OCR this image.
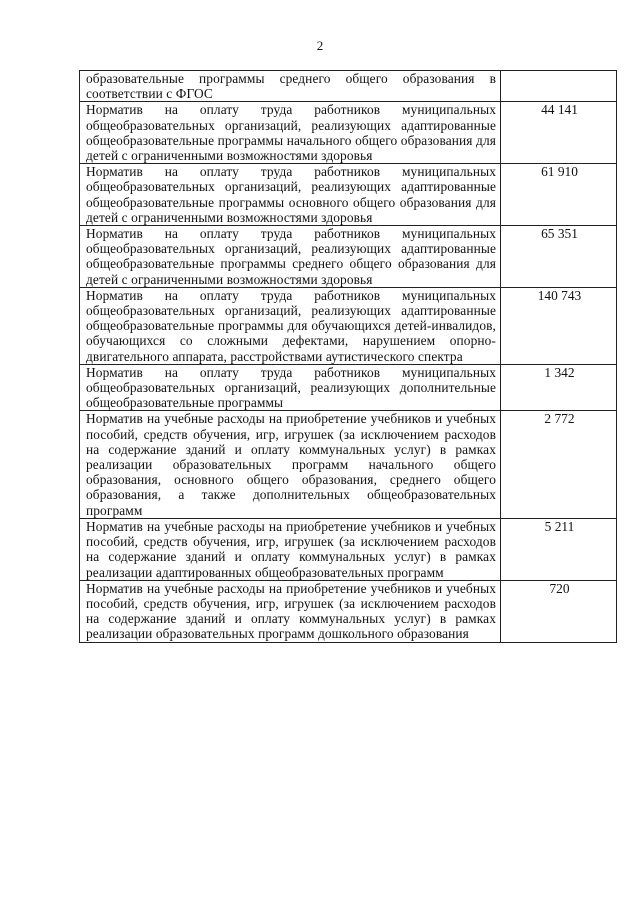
2
образовательные программы среднего общего образования в соответствии с ФГОС	
Норматив на оплату труда работников муниципальных общеобразовательных организаций, реализующих адаптированные общеобразовательные программы начального общего образования для детей с ограниченными возможностями здоровья	44 141
Норматив на оплату труда работников муниципальных общеобразовательных организаций, реализующих адаптированные общеобразовательные программы основного общего образования для детей с ограниченными возможностями здоровья	61 910
Норматив на оплату труда работников муниципальных общеобразовательных организаций, реализующих адаптированные общеобразовательные программы среднего общего образования для детей с ограниченными возможностями здоровья	65 351
Норматив на оплату труда работников муниципальных общеобразовательных организаций, реализующих адаптированные общеобразовательные программы для обучающихся детей-инвалидов, обучающихся со сложными дефектами, нарушением опорно-двигательного аппарата, расстройствами аутистического спектра	140 743
Норматив на оплату труда работников муниципальных общеобразовательных организаций, реализующих дополнительные общеобразовательные программы	1 342
Норматив на учебные расходы на приобретение учебников и учебных пособий, средств обучения, игр, игрушек (за исключением расходов на содержание зданий и оплату коммунальных услуг) в рамках реализации образовательных программ начального общего образования, основного общего образования, среднего общего образования, а также дополнительных общеобразовательных программ	2 772
Норматив на учебные расходы на приобретение учебников и учебных пособий, средств обучения, игр, игрушек (за исключением расходов на содержание зданий и оплату коммунальных услуг) в рамках реализации адаптированных общеобразовательных программ	5 211
Норматив на учебные расходы на приобретение учебников и учебных пособий, средств обучения, игр, игрушек (за исключением расходов на содержание зданий и оплату коммунальных услуг) в рамках реализации образовательных программ дошкольного образования	720
